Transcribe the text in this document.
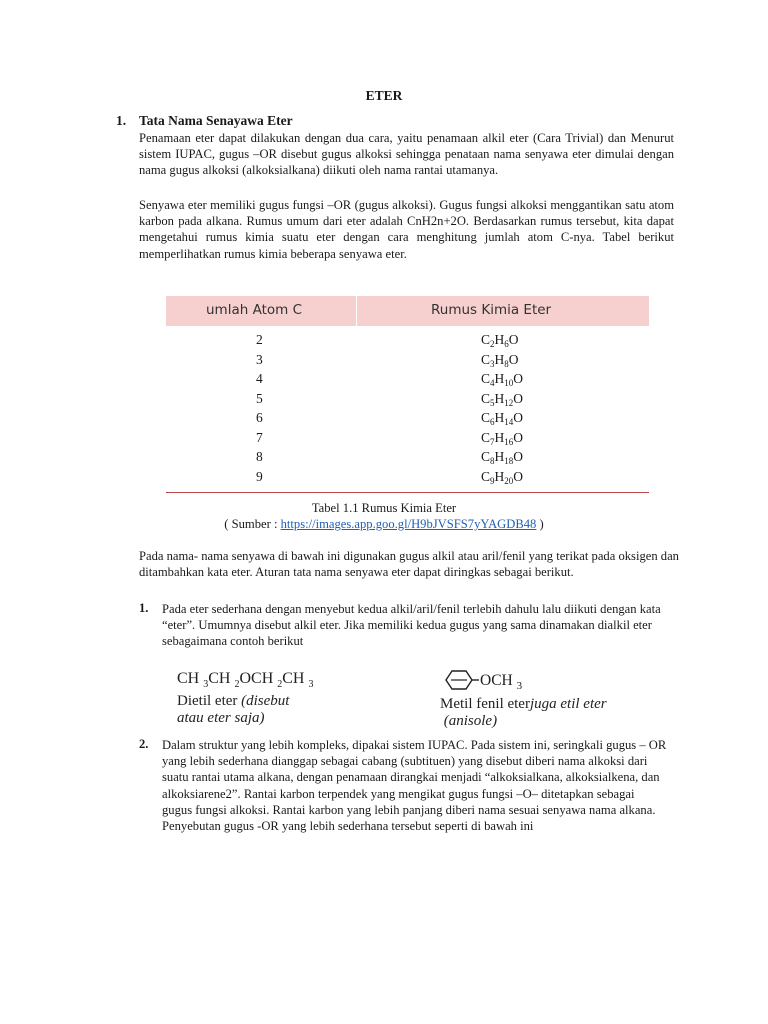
ETER
1. Tata Nama Senayawa Eter
Penamaan eter dapat dilakukan dengan dua cara, yaitu penamaan alkil eter (Cara Trivial) dan Menurut sistem IUPAC, gugus –OR disebut gugus alkoksi sehingga penataan nama senyawa eter dimulai dengan nama gugus alkoksi (alkoksialkana) diikuti oleh nama rantai utamanya.
Senyawa eter memiliki gugus fungsi –OR (gugus alkoksi). Gugus fungsi alkoksi menggantikan satu atom karbon pada alkana. Rumus umum dari eter adalah CnH2n+2O. Berdasarkan rumus tersebut, kita dapat mengetahui rumus kimia suatu eter dengan cara menghitung jumlah atom C-nya. Tabel berikut memperlihatkan rumus kimia beberapa senyawa eter.
umlah Atom C	Rumus Kimia Eter
2	$C_2H_6O$
3	$C_3H_8O$
4	$C_4H_{10}O$
5	$C_5H_{12}O$
6	$C_6H_{14}O$
7	$C_7H_{16}O$
8	$C_8H_{18}O$
9	$C_9H_{20}O$
Tabel 1.1 Rumus Kimia Eter
( Sumber : https://images.app.goo.gl/H9bJVSFS7yYAGDB48 )
Pada nama- nama senyawa di bawah ini digunakan gugus alkil atau aril/fenil yang terikat pada oksigen dan ditambahkan kata eter. Aturan tata nama senyawa eter dapat diringkas sebagai berikut.
1. Pada eter sederhana dengan menyebut kedua alkil/aril/fenil terlebih dahulu lalu diikuti dengan kata “eter”. Umumnya disebut alkil eter. Jika memiliki kedua gugus yang sama dinamakan dialkil eter sebagaimana contoh berikut
CH $_3$CH $_2$OCH $_2$CH $_3$
Dietil eter (disebut
atau eter saja)
OCH $_3$
Metil fenil eterjuga etil eter
(anisole)
2. Dalam struktur yang lebih kompleks, dipakai sistem IUPAC. Pada sistem ini, seringkali gugus – OR yang lebih sederhana dianggap sebagai cabang (subtituen) yang disebut diberi nama alkoksi dari suatu rantai utama alkana, dengan penamaan dirangkai menjadi “alkoksialkana, alkoksialkena, dan alkoksiarene2”. Rantai karbon terpendek yang mengikat gugus fungsi –O– ditetapkan sebagai gugus fungsi alkoksi. Rantai karbon yang lebih panjang diberi nama sesuai senyawa nama alkana. Penyebutan gugus -OR yang lebih sederhana tersebut seperti di bawah ini
